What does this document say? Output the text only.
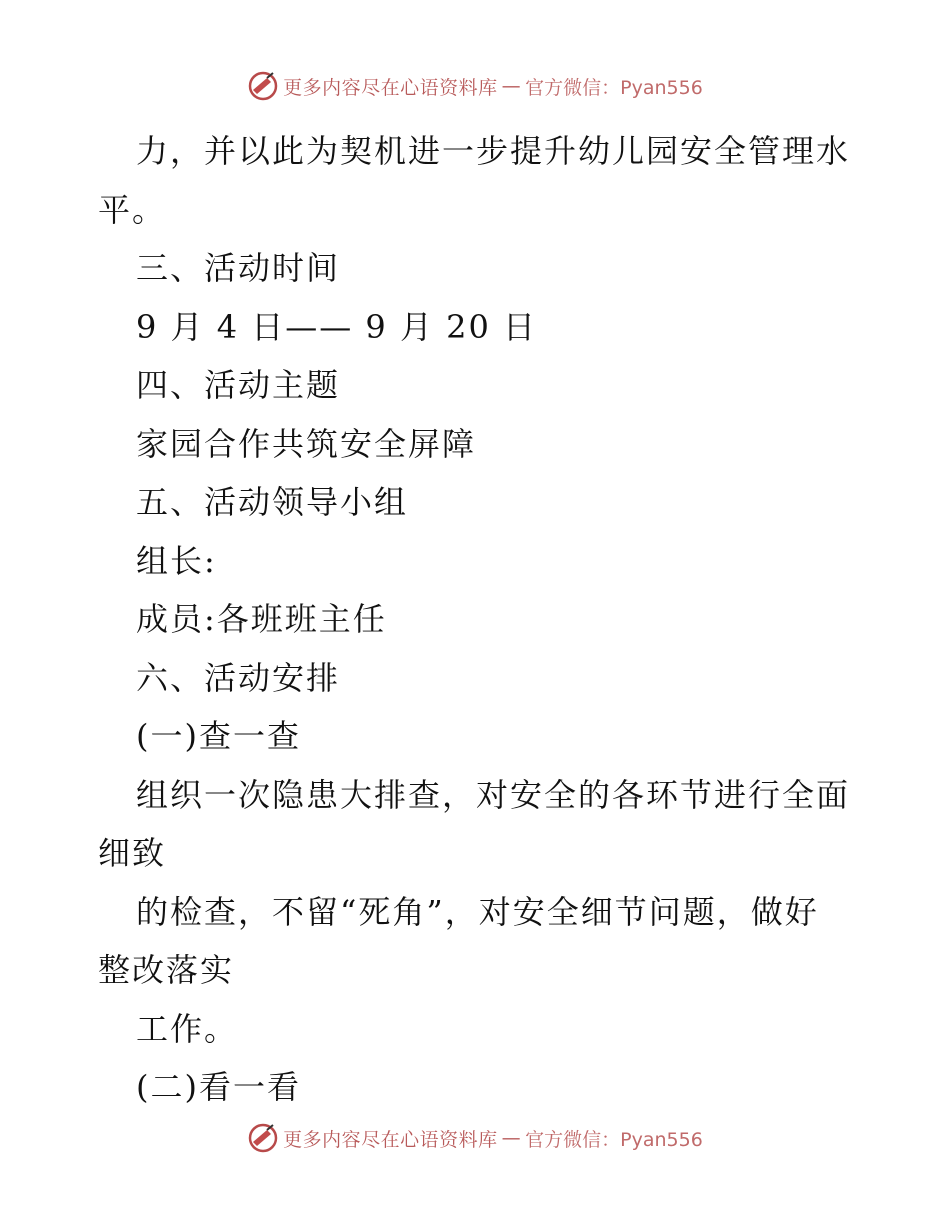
更多内容尽在心语资料库 — 官方微信：Pyan556
力，并以此为契机进一步提升幼儿园安全管理水
平。
三、活动时间
9 月 4 日—— 9 月 20 日
四、活动主题
家园合作共筑安全屏障
五、活动领导小组
组长:
成员:各班班主任
六、活动安排
(一)查一查
组织一次隐患大排查，对安全的各环节进行全面
细致
的检查，不留“死角”，对安全细节问题，做好
整改落实
工作。
(二)看一看
更多内容尽在心语资料库 — 官方微信：Pyan556
